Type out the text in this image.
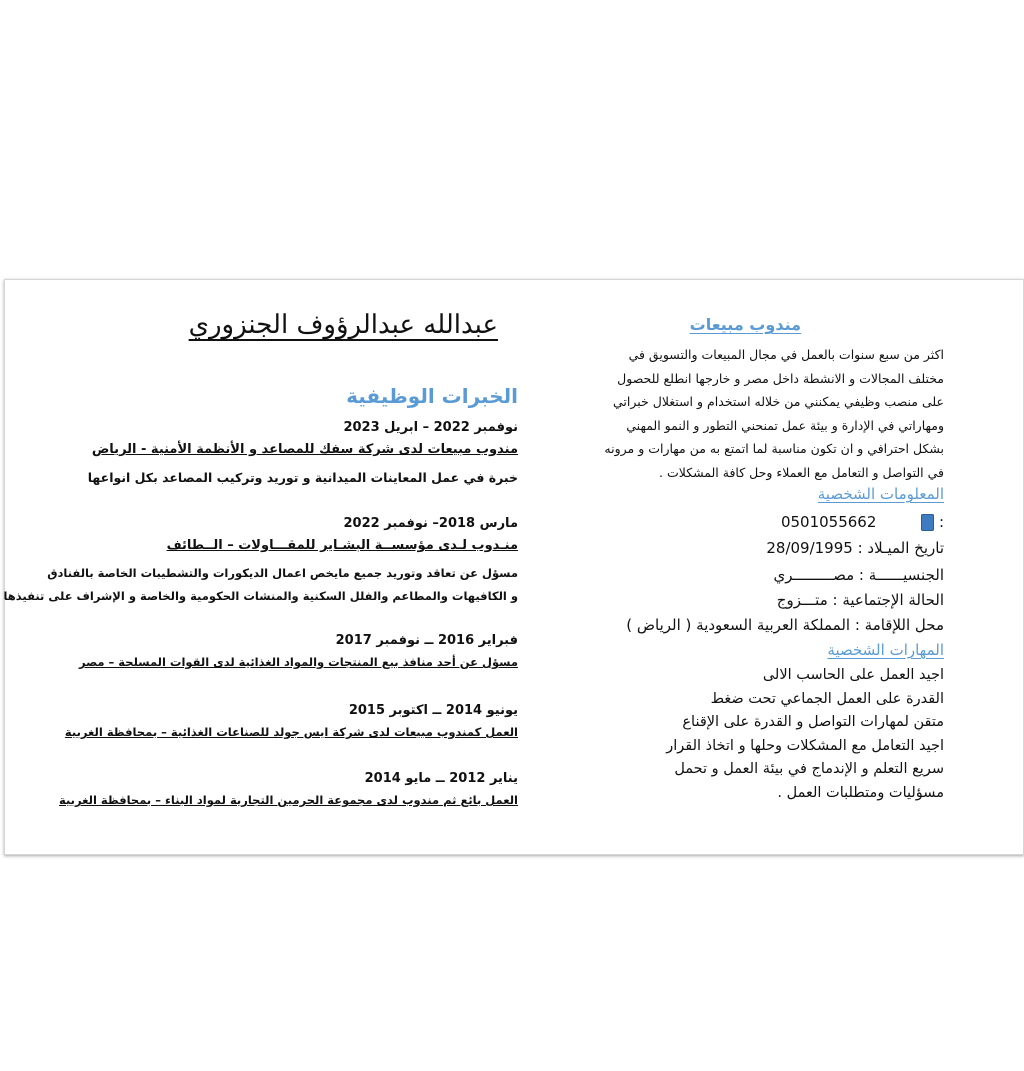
عبدالله عبدالرؤوف الجنزوري
الخبرات الوظيفية
نوفمبر 2022 – ابريل 2023
مندوب مبيعات لدى شركة سفك للمصاعد و الأنظمة الأمنية - الرياض
خبرة في عمل المعاينات الميدانية و توريد وتركيب المصاعد بكل انواعها
مارس 2018– نوفمبر 2022
منـدوب لـدى مؤسســة البشـاير للمقـــاولات – الــطائف
مسؤل عن تعاقد وتوريد جميع مايخص اعمال الديكورات والتشطيبات الخاصة بالفنادق
و الكافيهات والمطاعم والفلل السكنية والمنشات الحكومية والخاصة و الإشراف على تنفيذها
فبراير 2016 ــ نوفمبر 2017
مسؤل عن أحد منافذ بيع المنتجات والمواد الغذائية لدى القوات المسلحة – مصر
يونيو 2014 ــ اكتوبر 2015
العمل كمندوب مبيعات لدى شركة ايس جولد للصناعات الغذائية – بمحافظة الغربية
يناير 2012 ــ مايو 2014
العمل بائع ثم مندوب لدى مجموعة الحرمين التجارية لمواد البناء – بمحافظة الغربية
مندوب مبيعات
اكثر من سبع سنوات بالعمل في مجال المبيعات والتسويق في
مختلف المجالات و الانشطة داخل مصر و خارجها انطلع للحصول
على منصب وظيفي يمكنني من خلاله استخدام و استغلال خبراتي
ومهاراتي في الإدارة و بيئة عمل تمنحني التطور و النمو المهني
بشكل احترافي و ان تكون مناسبة لما اتمتع به من مهارات و مرونه
في التواصل و التعامل مع العملاء وحل كافة المشكلات .
المعلومات الشخصية
:  0501055662
تاريخ الميـلاد : 28/09/1995
الجنسيــــــة : مصـــــــــري
الحالة الإجتماعية : متـــزوج
محل اللإقامة : المملكة العربية السعودية ( الرياض )
المهارات الشخصية
اجيد العمل على الحاسب الالى
القدرة على العمل الجماعي تحت ضغط
متقن لمهارات التواصل و القدرة على الإقناع
اجيد التعامل مع المشكلات وحلها و اتخاذ القرار
سريع التعلم و الإندماج في بيئة العمل و تحمل
مسؤليات ومتطلبات العمل .
